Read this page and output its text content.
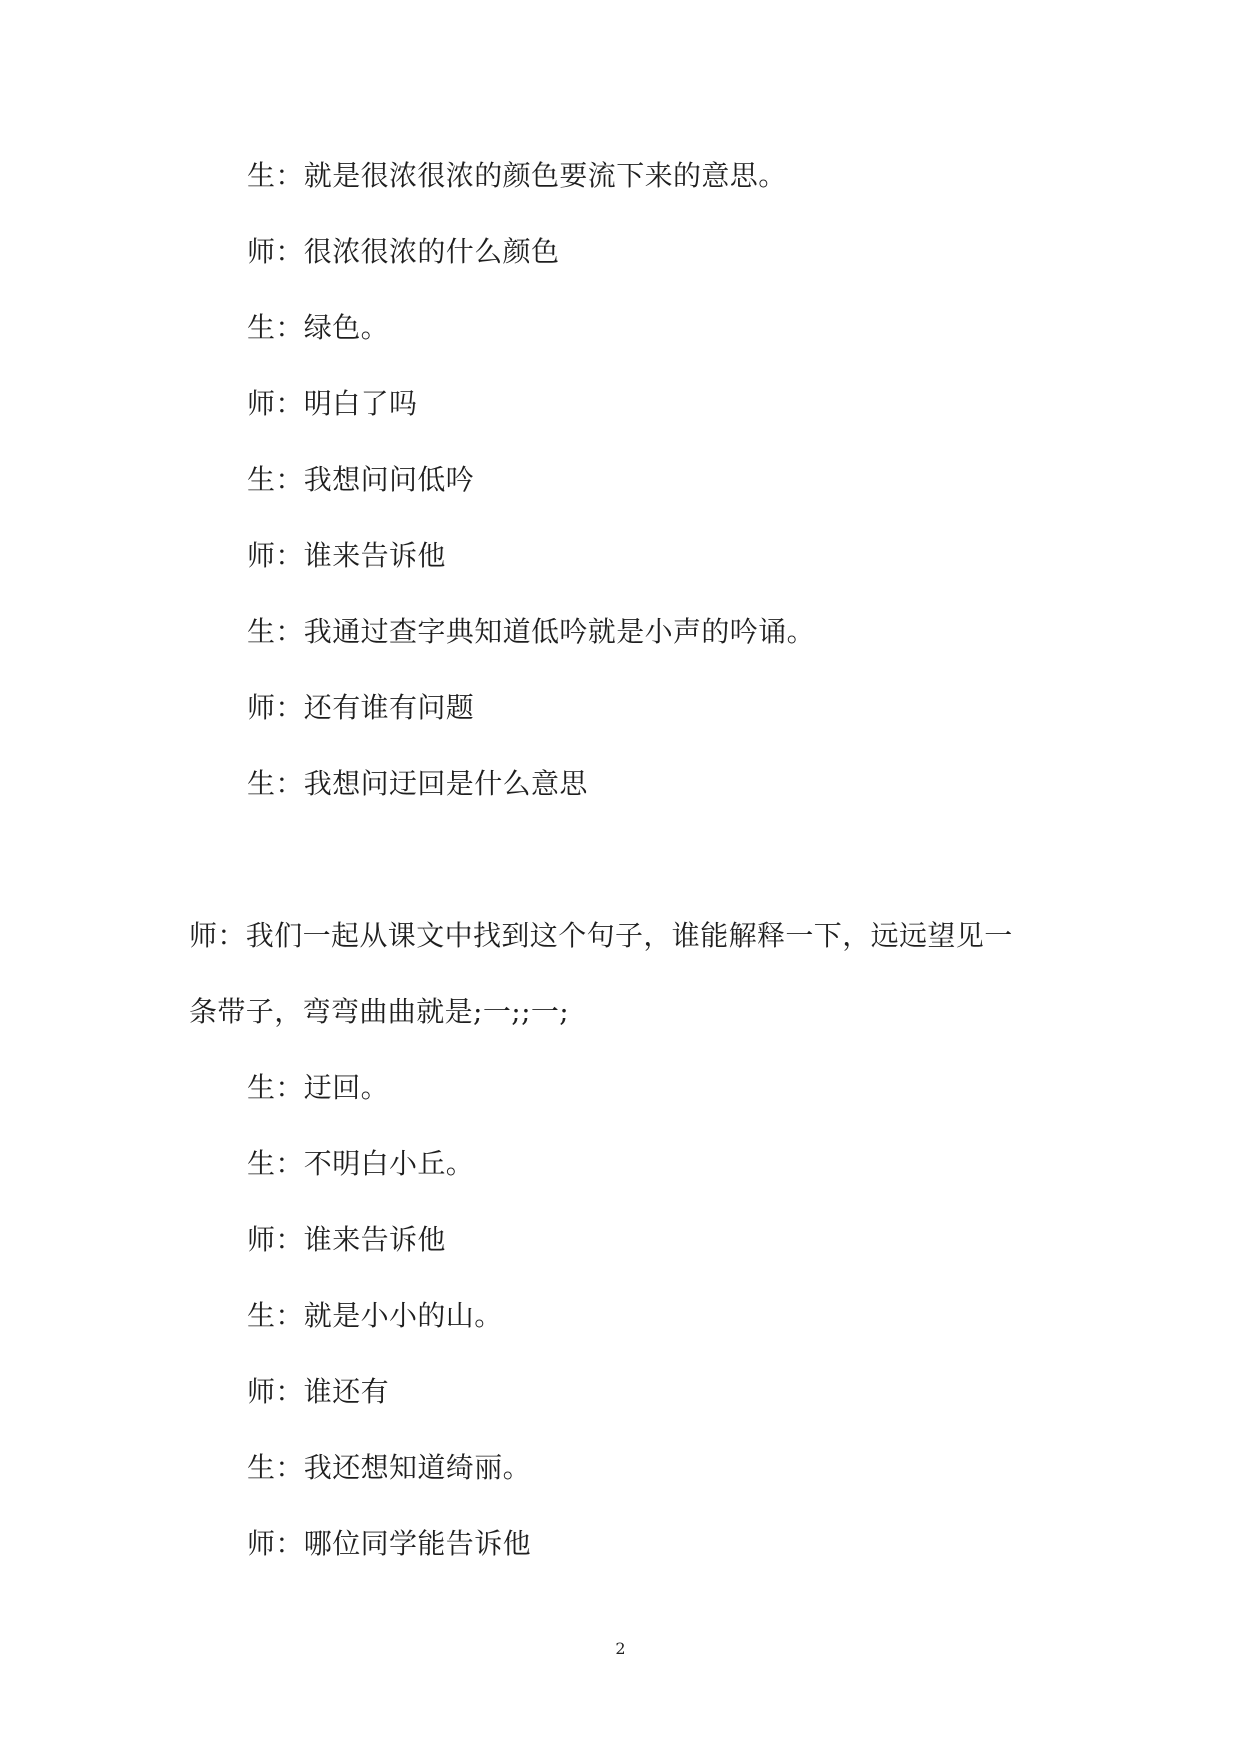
生：就是很浓很浓的颜色要流下来的意思。
师：很浓很浓的什么颜色
生：绿色。
师：明白了吗
生：我想问问低吟
师：谁来告诉他
生：我通过查字典知道低吟就是小声的吟诵。
师：还有谁有问题
生：我想问迂回是什么意思
师：我们一起从课文中找到这个句子，谁能解释一下，远远望见一
条带子，弯弯曲曲就是;一;;一;
生：迂回。
生：不明白小丘。
师：谁来告诉他
生：就是小小的山。
师：谁还有
生：我还想知道绮丽。
师：哪位同学能告诉他
2
